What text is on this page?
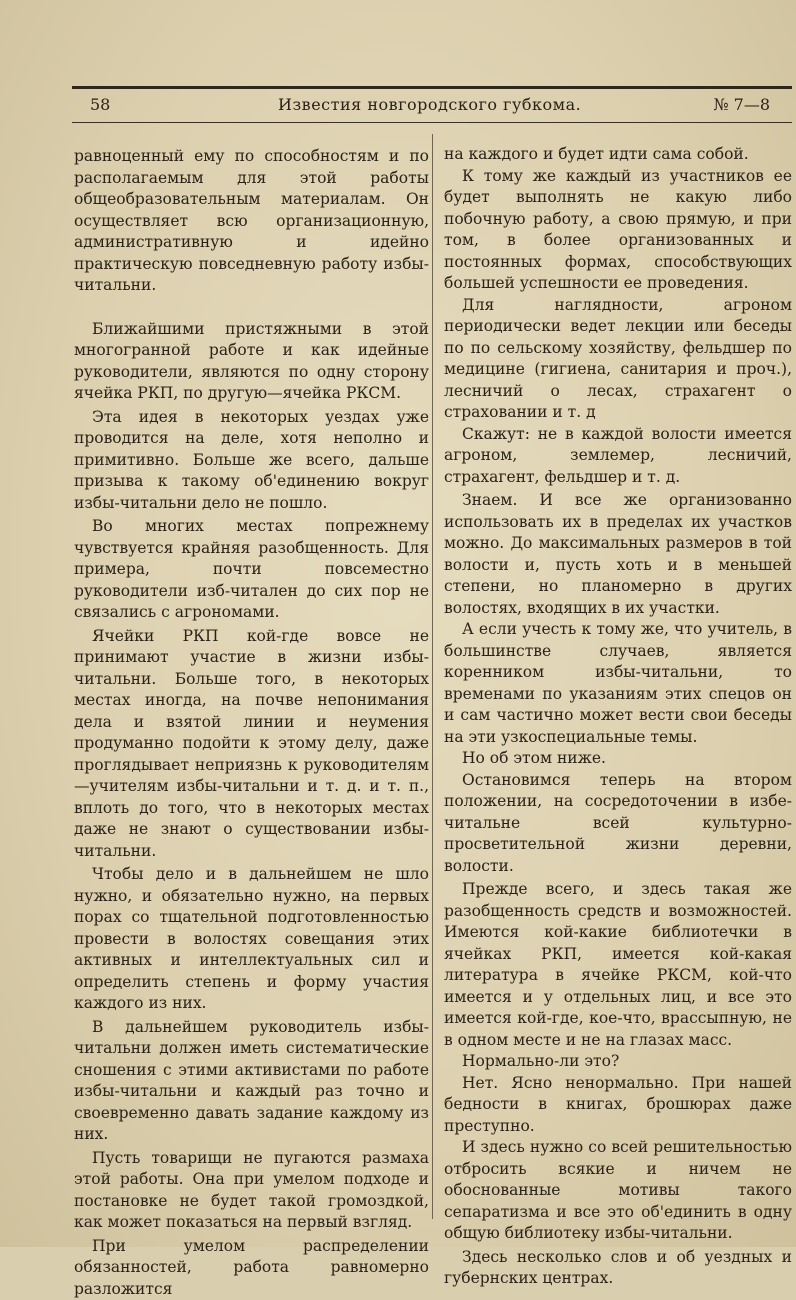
58	Известия новгородского губкома.	№ 7—8

равноценный ему по способностям и по располагаемым для этой работы общеобразовательным материалам. Он осуществляет всю организационную, административную и идейно практическую повседневную работу избы-читальни.

Ближайшими пристяжными в этой многогранной работе и как идейные руководители, являются по одну сторону ячейка РКП, по другую—ячейка РКСМ.

Эта идея в некоторых уездах уже проводится на деле, хотя неполно и примитивно. Больше же всего, дальше призыва к такому об'единению вокруг избы-читальни дело не пошло.

Во многих местах попрежнему чувствуется крайняя разобщенность. Для примера, почти повсеместно руководители изб-читален до сих пор не связались с агрономами.

Ячейки РКП кой-где вовсе не принимают участие в жизни избы-читальни. Больше того, в некоторых местах иногда, на почве непонимания дела и взятой линии и неумения продуманно подойти к этому делу, даже проглядывает неприязнь к руководителям—учителям избы-читальни и т. д. и т. п., вплоть до того, что в некоторых местах даже не знают о существовании избы-читальни.

Чтобы дело и в дальнейшем не шло нужно, и обязательно нужно, на первых порах со тщательной подготовленностью провести в волостях совещания этих активных и интеллектуальных сил и определить степень и форму участия каждого из них.

В дальнейшем руководитель избы-читальни должен иметь систематические сношения с этими активистами по работе избы-читальни и каждый раз точно и своевременно давать задание каждому из них.

Пусть товарищи не пугаются размаха этой работы. Она при умелом подходе и постановке не будет такой громоздкой, как может показаться на первый взгляд.

При умелом распределении обязанностей, работа равномерно разложится

на каждого и будет идти сама собой.

К тому же каждый из участников ее будет выполнять не какую либо побочную работу, а свою прямую, и при том, в более организованных и постоянных формах, способствующих большей успешности ее проведения.

Для наглядности, агроном периодически ведет лекции или беседы по по сельскому хозяйству, фельдшер по медицине (гигиена, санитария и проч.), лесничий о лесах, страхагент о страховании и т. д

Скажут: не в каждой волости имеется агроном, землемер, лесничий, страхагент, фельдшер и т. д.

Знаем. И все же организованно использовать их в пределах их участков можно. До максимальных размеров в той волости и, пусть хоть и в меньшей степени, но планомерно в других волостях, входящих в их участки.

А если учесть к тому же, что учитель, в большинстве случаев, является коренником избы-читальни, то временами по указаниям этих спецов он и сам частично может вести свои беседы на эти узкоспециальные темы.

Но об этом ниже.

Остановимся теперь на втором положении, на сосредоточении в избе-читальне всей культурно-просветительной жизни деревни, волости.

Прежде всего, и здесь такая же разобщенность средств и возможностей. Имеются кой-какие библиотечки в ячейках РКП, имеется кой-какая литература в ячейке РКСМ, кой-что имеется и у отдельных лиц, и все это имеется кой-где, кое-что, врассыпную, не в одном месте и не на глазах масс.

Нормально-ли это?

Нет. Ясно ненормально. При нашей бедности в книгах, брошюрах даже преступно.

И здесь нужно со всей решительностью отбросить всякие и ничем не обоснованные мотивы такого сепаратизма и все это об'единить в одну общую библиотеку избы-читальни.

Здесь несколько слов и об уездных и губернских центрах.
